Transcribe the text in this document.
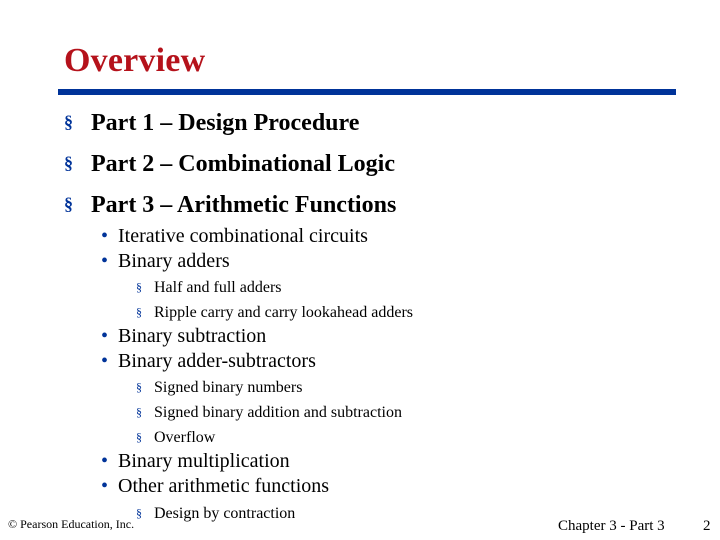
Overview
§ Part 1 – Design Procedure
§ Part 2 – Combinational Logic
§ Part 3 – Arithmetic Functions
• Iterative combinational circuits
• Binary adders
§ Half and full adders
§ Ripple carry and carry lookahead adders
• Binary subtraction
• Binary adder-subtractors
§ Signed binary numbers
§ Signed binary addition and subtraction
§ Overflow
• Binary multiplication
• Other arithmetic functions
§ Design by contraction
© Pearson Education, Inc.	Chapter 3 - Part 3	2
